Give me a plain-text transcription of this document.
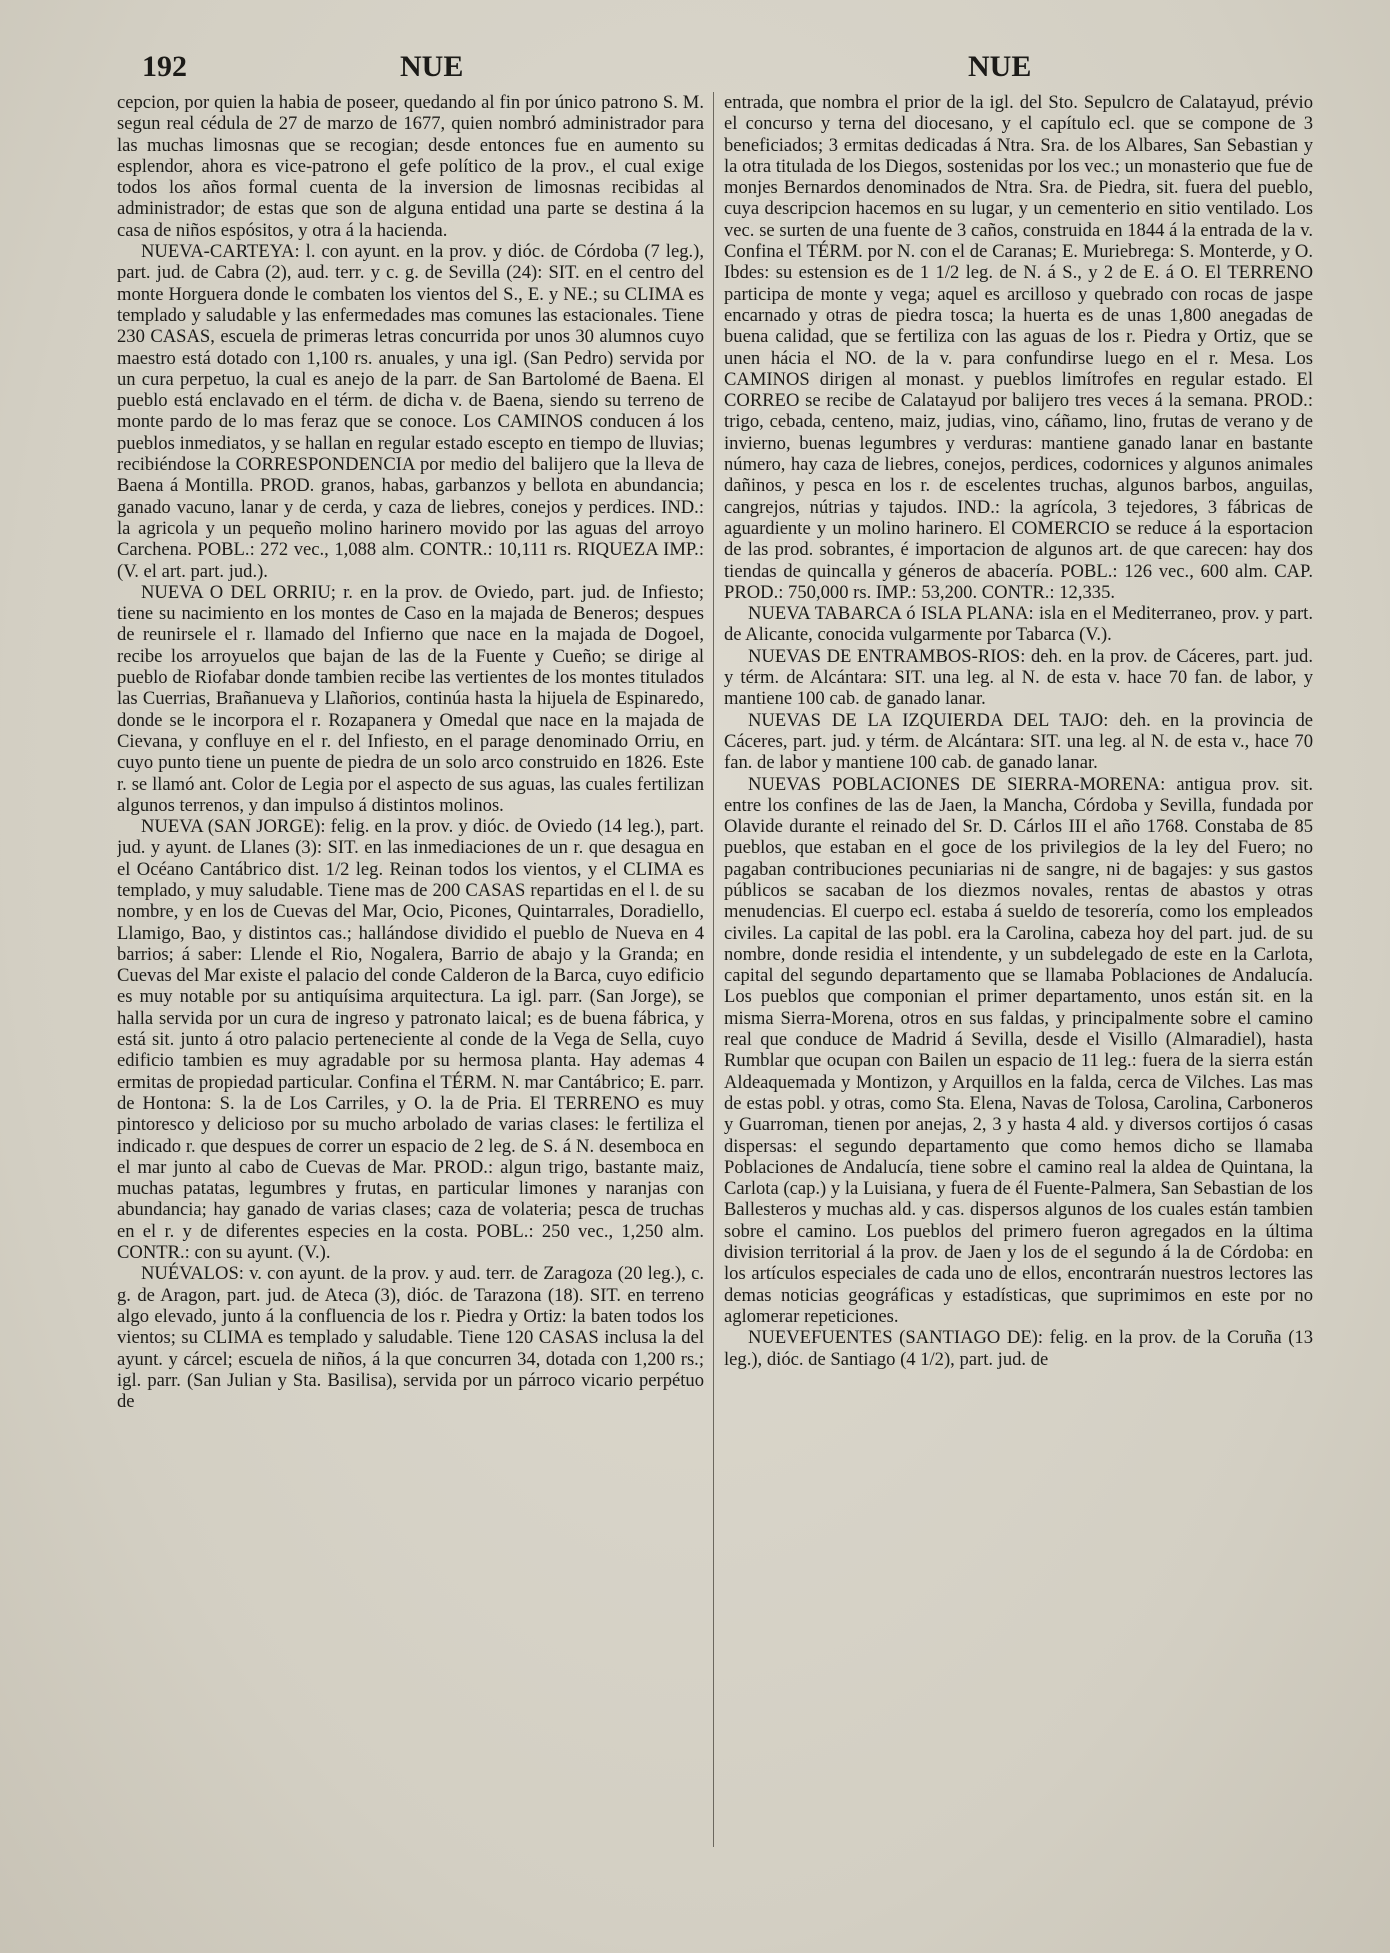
192	NUE	NUE

cepcion, por quien la habia de poseer, quedando al fin por único patrono S. M. segun real cédula de 27 de marzo de 1677, quien nombró administrador para las muchas limosnas que se recogian; desde entonces fue en aumento su esplendor, ahora es vice-patrono el gefe político de la prov., el cual exige todos los años formal cuenta de la inversion de limosnas recibidas al administrador; de estas que son de alguna entidad una parte se destina á la casa de niños espósitos, y otra á la hacienda.

NUEVA-CARTEYA: l. con ayunt. en la prov. y dióc. de Córdoba (7 leg.), part. jud. de Cabra (2), aud. terr. y c. g. de Sevilla (24): SIT. en el centro del monte Horguera donde le combaten los vientos del S., E. y NE.; su CLIMA es templado y saludable y las enfermedades mas comunes las estacionales. Tiene 230 CASAS, escuela de primeras letras concurrida por unos 30 alumnos cuyo maestro está dotado con 1,100 rs. anuales, y una igl. (San Pedro) servida por un cura perpetuo, la cual es anejo de la parr. de San Bartolomé de Baena. El pueblo está enclavado en el térm. de dicha v. de Baena, siendo su terreno de monte pardo de lo mas feraz que se conoce. Los CAMINOS conducen á los pueblos inmediatos, y se hallan en regular estado escepto en tiempo de lluvias; recibiéndose la CORRESPONDENCIA por medio del balijero que la lleva de Baena á Montilla. PROD. granos, habas, garbanzos y bellota en abundancia; ganado vacuno, lanar y de cerda, y caza de liebres, conejos y perdices. IND.: la agricola y un pequeño molino harinero movido por las aguas del arroyo Carchena. POBL.: 272 vec., 1,088 alm. CONTR.: 10,111 rs. RIQUEZA IMP.: (V. el art. part. jud.).

NUEVA O DEL ORRIU; r. en la prov. de Oviedo, part. jud. de Infiesto; tiene su nacimiento en los montes de Caso en la majada de Beneros; despues de reunirsele el r. llamado del Infierno que nace en la majada de Dogoel, recibe los arroyuelos que bajan de las de la Fuente y Cueño; se dirige al pueblo de Riofabar donde tambien recibe las vertientes de los montes titulados las Cuerrias, Brañanueva y Llañorios, continúa hasta la hijuela de Espinaredo, donde se le incorpora el r. Rozapanera y Omedal que nace en la majada de Cievana, y confluye en el r. del Infiesto, en el parage denominado Orriu, en cuyo punto tiene un puente de piedra de un solo arco construido en 1826. Este r. se llamó ant. Color de Legia por el aspecto de sus aguas, las cuales fertilizan algunos terrenos, y dan impulso á distintos molinos.

NUEVA (SAN JORGE): felig. en la prov. y dióc. de Oviedo (14 leg.), part. jud. y ayunt. de Llanes (3): SIT. en las inmediaciones de un r. que desagua en el Océano Cantábrico dist. 1/2 leg. Reinan todos los vientos, y el CLIMA es templado, y muy saludable. Tiene mas de 200 CASAS repartidas en el l. de su nombre, y en los de Cuevas del Mar, Ocio, Picones, Quintarrales, Doradiello, Llamigo, Bao, y distintos cas.; hallándose dividido el pueblo de Nueva en 4 barrios; á saber: Llende el Rio, Nogalera, Barrio de abajo y la Granda; en Cuevas del Mar existe el palacio del conde Calderon de la Barca, cuyo edificio es muy notable por su antiquísima arquitectura. La igl. parr. (San Jorge), se halla servida por un cura de ingreso y patronato laical; es de buena fábrica, y está sit. junto á otro palacio perteneciente al conde de la Vega de Sella, cuyo edificio tambien es muy agradable por su hermosa planta. Hay ademas 4 ermitas de propiedad particular. Confina el TÉRM. N. mar Cantábrico; E. parr. de Hontona: S. la de Los Carriles, y O. la de Pria. El TERRENO es muy pintoresco y delicioso por su mucho arbolado de varias clases: le fertiliza el indicado r. que despues de correr un espacio de 2 leg. de S. á N. desemboca en el mar junto al cabo de Cuevas de Mar. PROD.: algun trigo, bastante maiz, muchas patatas, legumbres y frutas, en particular limones y naranjas con abundancia; hay ganado de varias clases; caza de volateria; pesca de truchas en el r. y de diferentes especies en la costa. POBL.: 250 vec., 1,250 alm. CONTR.: con su ayunt. (V.).

NUÉVALOS: v. con ayunt. de la prov. y aud. terr. de Zaragoza (20 leg.), c. g. de Aragon, part. jud. de Ateca (3), dióc. de Tarazona (18). SIT. en terreno algo elevado, junto á la confluencia de los r. Piedra y Ortiz: la baten todos los vientos; su CLIMA es templado y saludable. Tiene 120 CASAS inclusa la del ayunt. y cárcel; escuela de niños, á la que concurren 34, dotada con 1,200 rs.; igl. parr. (San Julian y Sta. Basilisa), servida por un párroco vicario perpétuo de

entrada, que nombra el prior de la igl. del Sto. Sepulcro de Calatayud, prévio el concurso y terna del diocesano, y el capítulo ecl. que se compone de 3 beneficiados; 3 ermitas dedicadas á Ntra. Sra. de los Albares, San Sebastian y la otra titulada de los Diegos, sostenidas por los vec.; un monasterio que fue de monjes Bernardos denominados de Ntra. Sra. de Piedra, sit. fuera del pueblo, cuya descripcion hacemos en su lugar, y un cementerio en sitio ventilado. Los vec. se surten de una fuente de 3 caños, construida en 1844 á la entrada de la v. Confina el TÉRM. por N. con el de Caranas; E. Muriebrega: S. Monterde, y O. Ibdes: su estension es de 1 1/2 leg. de N. á S., y 2 de E. á O. El TERRENO participa de monte y vega; aquel es arcilloso y quebrado con rocas de jaspe encarnado y otras de piedra tosca; la huerta es de unas 1,800 anegadas de buena calidad, que se fertiliza con las aguas de los r. Piedra y Ortiz, que se unen hácia el NO. de la v. para confundirse luego en el r. Mesa. Los CAMINOS dirigen al monast. y pueblos limítrofes en regular estado. El CORREO se recibe de Calatayud por balijero tres veces á la semana. PROD.: trigo, cebada, centeno, maiz, judias, vino, cáñamo, lino, frutas de verano y de invierno, buenas legumbres y verduras: mantiene ganado lanar en bastante número, hay caza de liebres, conejos, perdices, codornices y algunos animales dañinos, y pesca en los r. de escelentes truchas, algunos barbos, anguilas, cangrejos, nútrias y tajudos. IND.: la agrícola, 3 tejedores, 3 fábricas de aguardiente y un molino harinero. El COMERCIO se reduce á la esportacion de las prod. sobrantes, é importacion de algunos art. de que carecen: hay dos tiendas de quincalla y géneros de abacería. POBL.: 126 vec., 600 alm. CAP. PROD.: 750,000 rs. IMP.: 53,200. CONTR.: 12,335.

NUEVA TABARCA ó ISLA PLANA: isla en el Mediterraneo, prov. y part. de Alicante, conocida vulgarmente por Tabarca (V.).

NUEVAS DE ENTRAMBOS-RIOS: deh. en la prov. de Cáceres, part. jud. y térm. de Alcántara: SIT. una leg. al N. de esta v. hace 70 fan. de labor, y mantiene 100 cab. de ganado lanar.

NUEVAS DE LA IZQUIERDA DEL TAJO: deh. en la provincia de Cáceres, part. jud. y térm. de Alcántara: SIT. una leg. al N. de esta v., hace 70 fan. de labor y mantiene 100 cab. de ganado lanar.

NUEVAS POBLACIONES DE SIERRA-MORENA: antigua prov. sit. entre los confines de las de Jaen, la Mancha, Córdoba y Sevilla, fundada por Olavide durante el reinado del Sr. D. Cárlos III el año 1768. Constaba de 85 pueblos, que estaban en el goce de los privilegios de la ley del Fuero; no pagaban contribuciones pecuniarias ni de sangre, ni de bagajes: y sus gastos públicos se sacaban de los diezmos novales, rentas de abastos y otras menudencias. El cuerpo ecl. estaba á sueldo de tesorería, como los empleados civiles. La capital de las pobl. era la Carolina, cabeza hoy del part. jud. de su nombre, donde residia el intendente, y un subdelegado de este en la Carlota, capital del segundo departamento que se llamaba Poblaciones de Andalucía. Los pueblos que componian el primer departamento, unos están sit. en la misma Sierra-Morena, otros en sus faldas, y principalmente sobre el camino real que conduce de Madrid á Sevilla, desde el Visillo (Almaradiel), hasta Rumblar que ocupan con Bailen un espacio de 11 leg.: fuera de la sierra están Aldeaquemada y Montizon, y Arquillos en la falda, cerca de Vilches. Las mas de estas pobl. y otras, como Sta. Elena, Navas de Tolosa, Carolina, Carboneros y Guarroman, tienen por anejas, 2, 3 y hasta 4 ald. y diversos cortijos ó casas dispersas: el segundo departamento que como hemos dicho se llamaba Poblaciones de Andalucía, tiene sobre el camino real la aldea de Quintana, la Carlota (cap.) y la Luisiana, y fuera de él Fuente-Palmera, San Sebastian de los Ballesteros y muchas ald. y cas. dispersos algunos de los cuales están tambien sobre el camino. Los pueblos del primero fueron agregados en la última division territorial á la prov. de Jaen y los de el segundo á la de Córdoba: en los artículos especiales de cada uno de ellos, encontrarán nuestros lectores las demas noticias geográficas y estadísticas, que suprimimos en este por no aglomerar repeticiones.

NUEVEFUENTES (SANTIAGO DE): felig. en la prov. de la Coruña (13 leg.), dióc. de Santiago (4 1/2), part. jud. de
